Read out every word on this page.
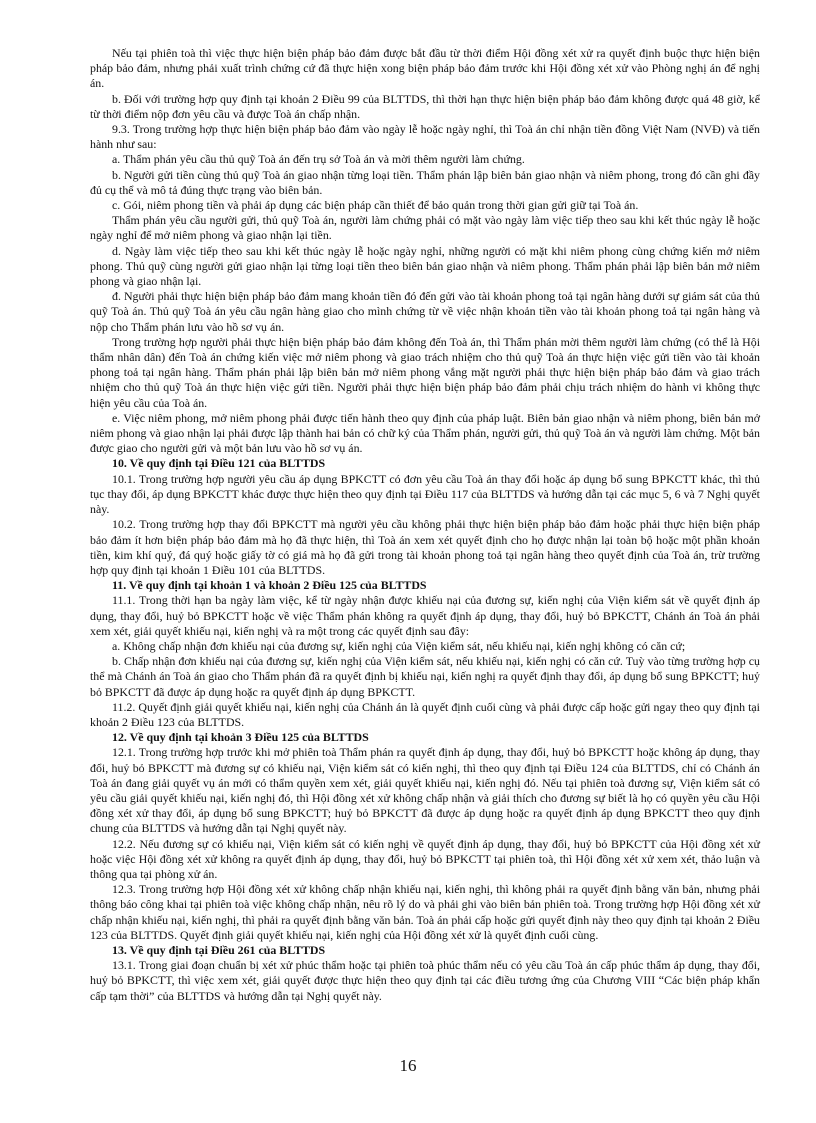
Nếu tại phiên toà thì việc thực hiện biện pháp bảo đảm được bắt đầu từ thời điểm Hội đồng xét xử ra quyết định buộc thực hiện biện pháp bảo đảm, nhưng phải xuất trình chứng cứ đã thực hiện xong biện pháp bảo đảm trước khi Hội đồng xét xử vào Phòng nghị án để nghị án.

b. Đối với trường hợp quy định tại khoản 2 Điều 99 của BLTTDS, thì thời hạn thực hiện biện pháp bảo đảm không được quá 48 giờ, kể từ thời điểm nộp đơn yêu cầu và được Toà án chấp nhận.

9.3. Trong trường hợp thực hiện biện pháp bảo đảm vào ngày lễ hoặc ngày nghỉ, thì Toà án chỉ nhận tiền đồng Việt Nam (NVĐ) và tiến hành như sau:

a. Thẩm phán yêu cầu thủ quỹ Toà án đến trụ sở Toà án và mời thêm người làm chứng.

b. Người gửi tiền cùng thủ quỹ Toà án giao nhận từng loại tiền. Thẩm phán lập biên bản giao nhận và niêm phong, trong đó cần ghi đầy đủ cụ thể và mô tả đúng thực trạng vào biên bản.

c. Gói, niêm phong tiền và phải áp dụng các biện pháp cần thiết để bảo quản trong thời gian gửi giữ tại Toà án.

Thẩm phán yêu cầu người gửi, thủ quỹ Toà án, người làm chứng phải có mặt vào ngày làm việc tiếp theo sau khi kết thúc ngày lễ hoặc ngày nghỉ để mở niêm phong và giao nhận lại tiền.

d. Ngày làm việc tiếp theo sau khi kết thúc ngày lễ hoặc ngày nghỉ, những người có mặt khi niêm phong cùng chứng kiến mở niêm phong. Thủ quỹ cùng người gửi giao nhận lại từng loại tiền theo biên bản giao nhận và niêm phong. Thẩm phán phải lập biên bản mở niêm phong và giao nhận lại.

đ. Người phải thực hiện biện pháp bảo đảm mang khoản tiền đó đến gửi vào tài khoản phong toả tại ngân hàng dưới sự giám sát của thủ quỹ Toà án. Thủ quỹ Toà án yêu cầu ngân hàng giao cho mình chứng từ về việc nhận khoản tiền vào tài khoản phong toả tại ngân hàng và nộp cho Thẩm phán lưu vào hồ sơ vụ án.

Trong trường hợp người phải thực hiện biện pháp bảo đảm không đến Toà án, thì Thẩm phán mời thêm người làm chứng (có thể là Hội thẩm nhân dân) đến Toà án chứng kiến việc mở niêm phong và giao trách nhiệm cho thủ quỹ Toà án thực hiện việc gửi tiền vào tài khoản phong toả tại ngân hàng. Thẩm phán phải lập biên bản mở niêm phong vắng mặt người phải thực hiện biện pháp bảo đảm và giao trách nhiệm cho thủ quỹ Toà án thực hiện việc gửi tiền. Người phải thực hiện biện pháp bảo đảm phải chịu trách nhiệm do hành vi không thực hiện yêu cầu của Toà án.

e. Việc niêm phong, mở niêm phong phải được tiến hành theo quy định của pháp luật. Biên bản giao nhận và niêm phong, biên bản mở niêm phong và giao nhận lại phải được lập thành hai bản có chữ ký của Thẩm phán, người gửi, thủ quỹ Toà án và người làm chứng. Một bản được giao cho người gửi và một bản lưu vào hồ sơ vụ án.

10. Về quy định tại Điều 121 của BLTTDS

10.1. Trong trường hợp người yêu cầu áp dụng BPKCTT có đơn yêu cầu Toà án thay đổi hoặc áp dụng bổ sung BPKCTT khác, thì thủ tục thay đổi, áp dụng BPKCTT khác được thực hiện theo quy định tại Điều 117 của BLTTDS và hướng dẫn tại các mục 5, 6 và 7 Nghị quyết này.

10.2. Trong trường hợp thay đổi BPKCTT mà người yêu cầu không phải thực hiện biện pháp bảo đảm hoặc phải thực hiện biện pháp bảo đảm ít hơn biện pháp bảo đảm mà họ đã thực hiện, thì Toà án xem xét quyết định cho họ được nhận lại toàn bộ hoặc một phần khoản tiền, kim khí quý, đá quý hoặc giấy tờ có giá mà họ đã gửi trong tài khoản phong toả tại ngân hàng theo quyết định của Toà án, trừ trường hợp quy định tại khoản 1 Điều 101 của BLTTDS.

11. Về quy định tại khoản 1 và khoản 2 Điều 125 của BLTTDS

11.1. Trong thời hạn ba ngày làm việc, kể từ ngày nhận được khiếu nại của đương sự, kiến nghị của Viện kiểm sát về quyết định áp dụng, thay đổi, huỷ bỏ BPKCTT hoặc về việc Thẩm phán không ra quyết định áp dụng, thay đổi, huỷ bỏ BPKCTT, Chánh án Toà án phải xem xét, giải quyết khiếu nại, kiến nghị và ra một trong các quyết định sau đây:

a. Không chấp nhận đơn khiếu nại của đương sự, kiến nghị của Viện kiểm sát, nếu khiếu nại, kiến nghị không có căn cứ;

b. Chấp nhận đơn khiếu nại của đương sự, kiến nghị của Viện kiểm sát, nếu khiếu nại, kiến nghị có căn cứ. Tuỳ vào từng trường hợp cụ thể mà Chánh án Toà án giao cho Thẩm phán đã ra quyết định bị khiếu nại, kiến nghị ra quyết định thay đổi, áp dụng bổ sung BPKCTT; huỷ bỏ BPKCTT đã được áp dụng hoặc ra quyết định áp dụng BPKCTT.

11.2. Quyết định giải quyết khiếu nại, kiến nghị của Chánh án là quyết định cuối cùng và phải được cấp hoặc gửi ngay theo quy định tại khoản 2 Điều 123 của BLTTDS.

12. Về quy định tại khoản 3 Điều 125 của BLTTDS

12.1. Trong trường hợp trước khi mở phiên toà Thẩm phán ra quyết định áp dụng, thay đổi, huỷ bỏ BPKCTT hoặc không áp dụng, thay đổi, huỷ bỏ BPKCTT mà đương sự có khiếu nại, Viện kiểm sát có kiến nghị, thì theo quy định tại Điều 124 của BLTTDS, chỉ có Chánh án Toà án đang giải quyết vụ án mới có thẩm quyền xem xét, giải quyết khiếu nại, kiến nghị đó. Nếu tại phiên toà đương sự, Viện kiểm sát có yêu cầu giải quyết khiếu nại, kiến nghị đó, thì Hội đồng xét xử không chấp nhận và giải thích cho đương sự biết là họ có quyền yêu cầu Hội đồng xét xử thay đổi, áp dụng bổ sung BPKCTT; huỷ bỏ BPKCTT đã được áp dụng hoặc ra quyết định áp dụng BPKCTT theo quy định chung của BLTTDS và hướng dẫn tại Nghị quyết này.

12.2. Nếu đương sự có khiếu nại, Viện kiểm sát có kiến nghị về quyết định áp dụng, thay đổi, huỷ bỏ BPKCTT của Hội đồng xét xử hoặc việc Hội đồng xét xử không ra quyết định áp dụng, thay đổi, huỷ bỏ BPKCTT tại phiên toà, thì Hội đồng xét xử xem xét, thảo luận và thông qua tại phòng xử án.

12.3. Trong trường hợp Hội đồng xét xử không chấp nhận khiếu nại, kiến nghị, thì không phải ra quyết định bằng văn bản, nhưng phải thông báo công khai tại phiên toà việc không chấp nhận, nêu rõ lý do và phải ghi vào biên bản phiên toà. Trong trường hợp Hội đồng xét xử chấp nhận khiếu nại, kiến nghị, thì phải ra quyết định bằng văn bản. Toà án phải cấp hoặc gửi quyết định này theo quy định tại khoản 2 Điều 123 của BLTTDS. Quyết định giải quyết khiếu nại, kiến nghị của Hội đồng xét xử là quyết định cuối cùng.

13. Về quy định tại Điều 261 của BLTTDS

13.1. Trong giai đoạn chuẩn bị xét xử phúc thẩm hoặc tại phiên toà phúc thẩm nếu có yêu cầu Toà án cấp phúc thẩm áp dụng, thay đổi, huỷ bỏ BPKCTT, thì việc xem xét, giải quyết được thực hiện theo quy định tại các điều tương ứng của Chương VIII “Các biện pháp khẩn cấp tạm thời” của BLTTDS và hướng dẫn tại Nghị quyết này.

16
